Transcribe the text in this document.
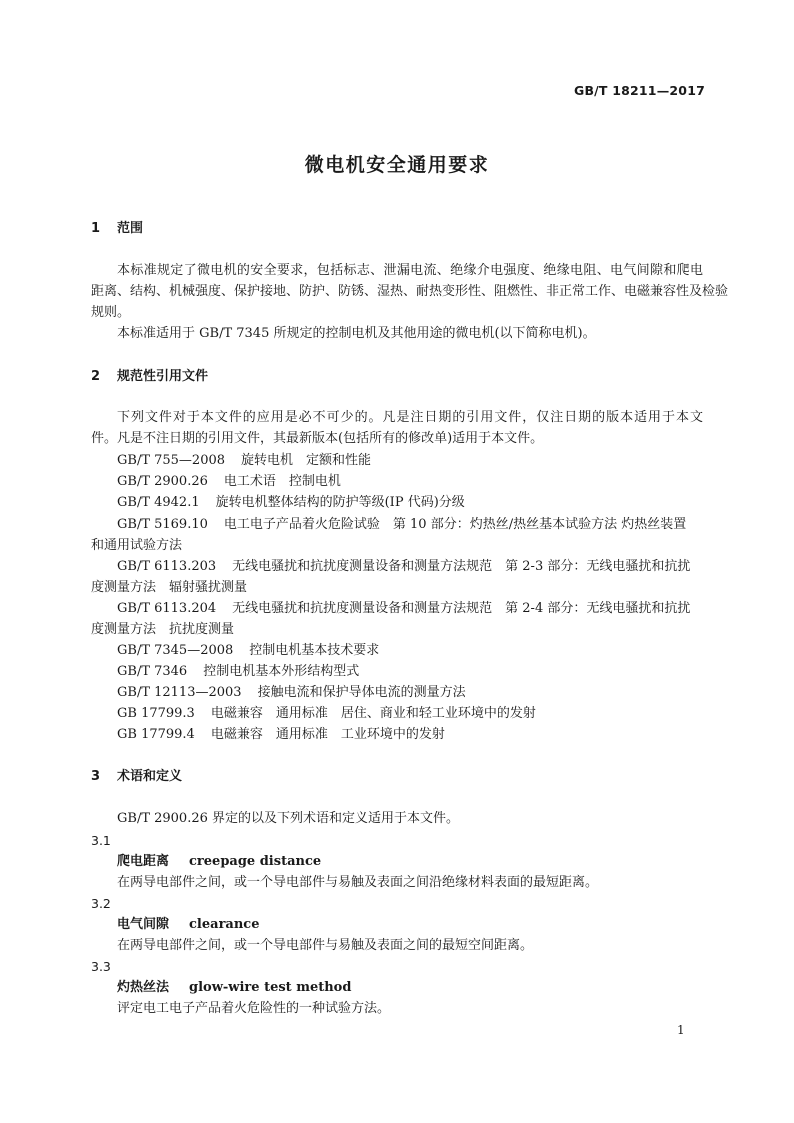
GB/T 18211—2017
微电机安全通用要求
1 范围
本标准规定了微电机的安全要求，包括标志、泄漏电流、绝缘介电强度、绝缘电阻、电气间隙和爬电
距离、结构、机械强度、保护接地、防护、防锈、湿热、耐热变形性、阻燃性、非正常工作、电磁兼容性及检验
规则。
本标准适用于 GB/T 7345 所规定的控制电机及其他用途的微电机(以下简称电机)。
2 规范性引用文件
下列文件对于本文件的应用是必不可少的。凡是注日期的引用文件，仅注日期的版本适用于本文
件。凡是不注日期的引用文件，其最新版本(包括所有的修改单)适用于本文件。
GB/T 755—2008 旋转电机　定额和性能
GB/T 2900.26 电工术语　控制电机
GB/T 4942.1 旋转电机整体结构的防护等级(IP 代码)分级
GB/T 5169.10 电工电子产品着火危险试验　第 10 部分：灼热丝/热丝基本试验方法 灼热丝装置
和通用试验方法
GB/T 6113.203 无线电骚扰和抗扰度测量设备和测量方法规范　第 2-3 部分：无线电骚扰和抗扰
度测量方法　辐射骚扰测量
GB/T 6113.204 无线电骚扰和抗扰度测量设备和测量方法规范　第 2-4 部分：无线电骚扰和抗扰
度测量方法　抗扰度测量
GB/T 7345—2008 控制电机基本技术要求
GB/T 7346 控制电机基本外形结构型式
GB/T 12113—2003 接触电流和保护导体电流的测量方法
GB 17799.3 电磁兼容　通用标准　居住、商业和轻工业环境中的发射
GB 17799.4 电磁兼容　通用标准　工业环境中的发射
3 术语和定义
GB/T 2900.26 界定的以及下列术语和定义适用于本文件。
3.1
爬电距离 creepage distance
在两导电部件之间，或一个导电部件与易触及表面之间沿绝缘材料表面的最短距离。
3.2
电气间隙 clearance
在两导电部件之间，或一个导电部件与易触及表面之间的最短空间距离。
3.3
灼热丝法 glow-wire test method
评定电工电子产品着火危险性的一种试验方法。
1
